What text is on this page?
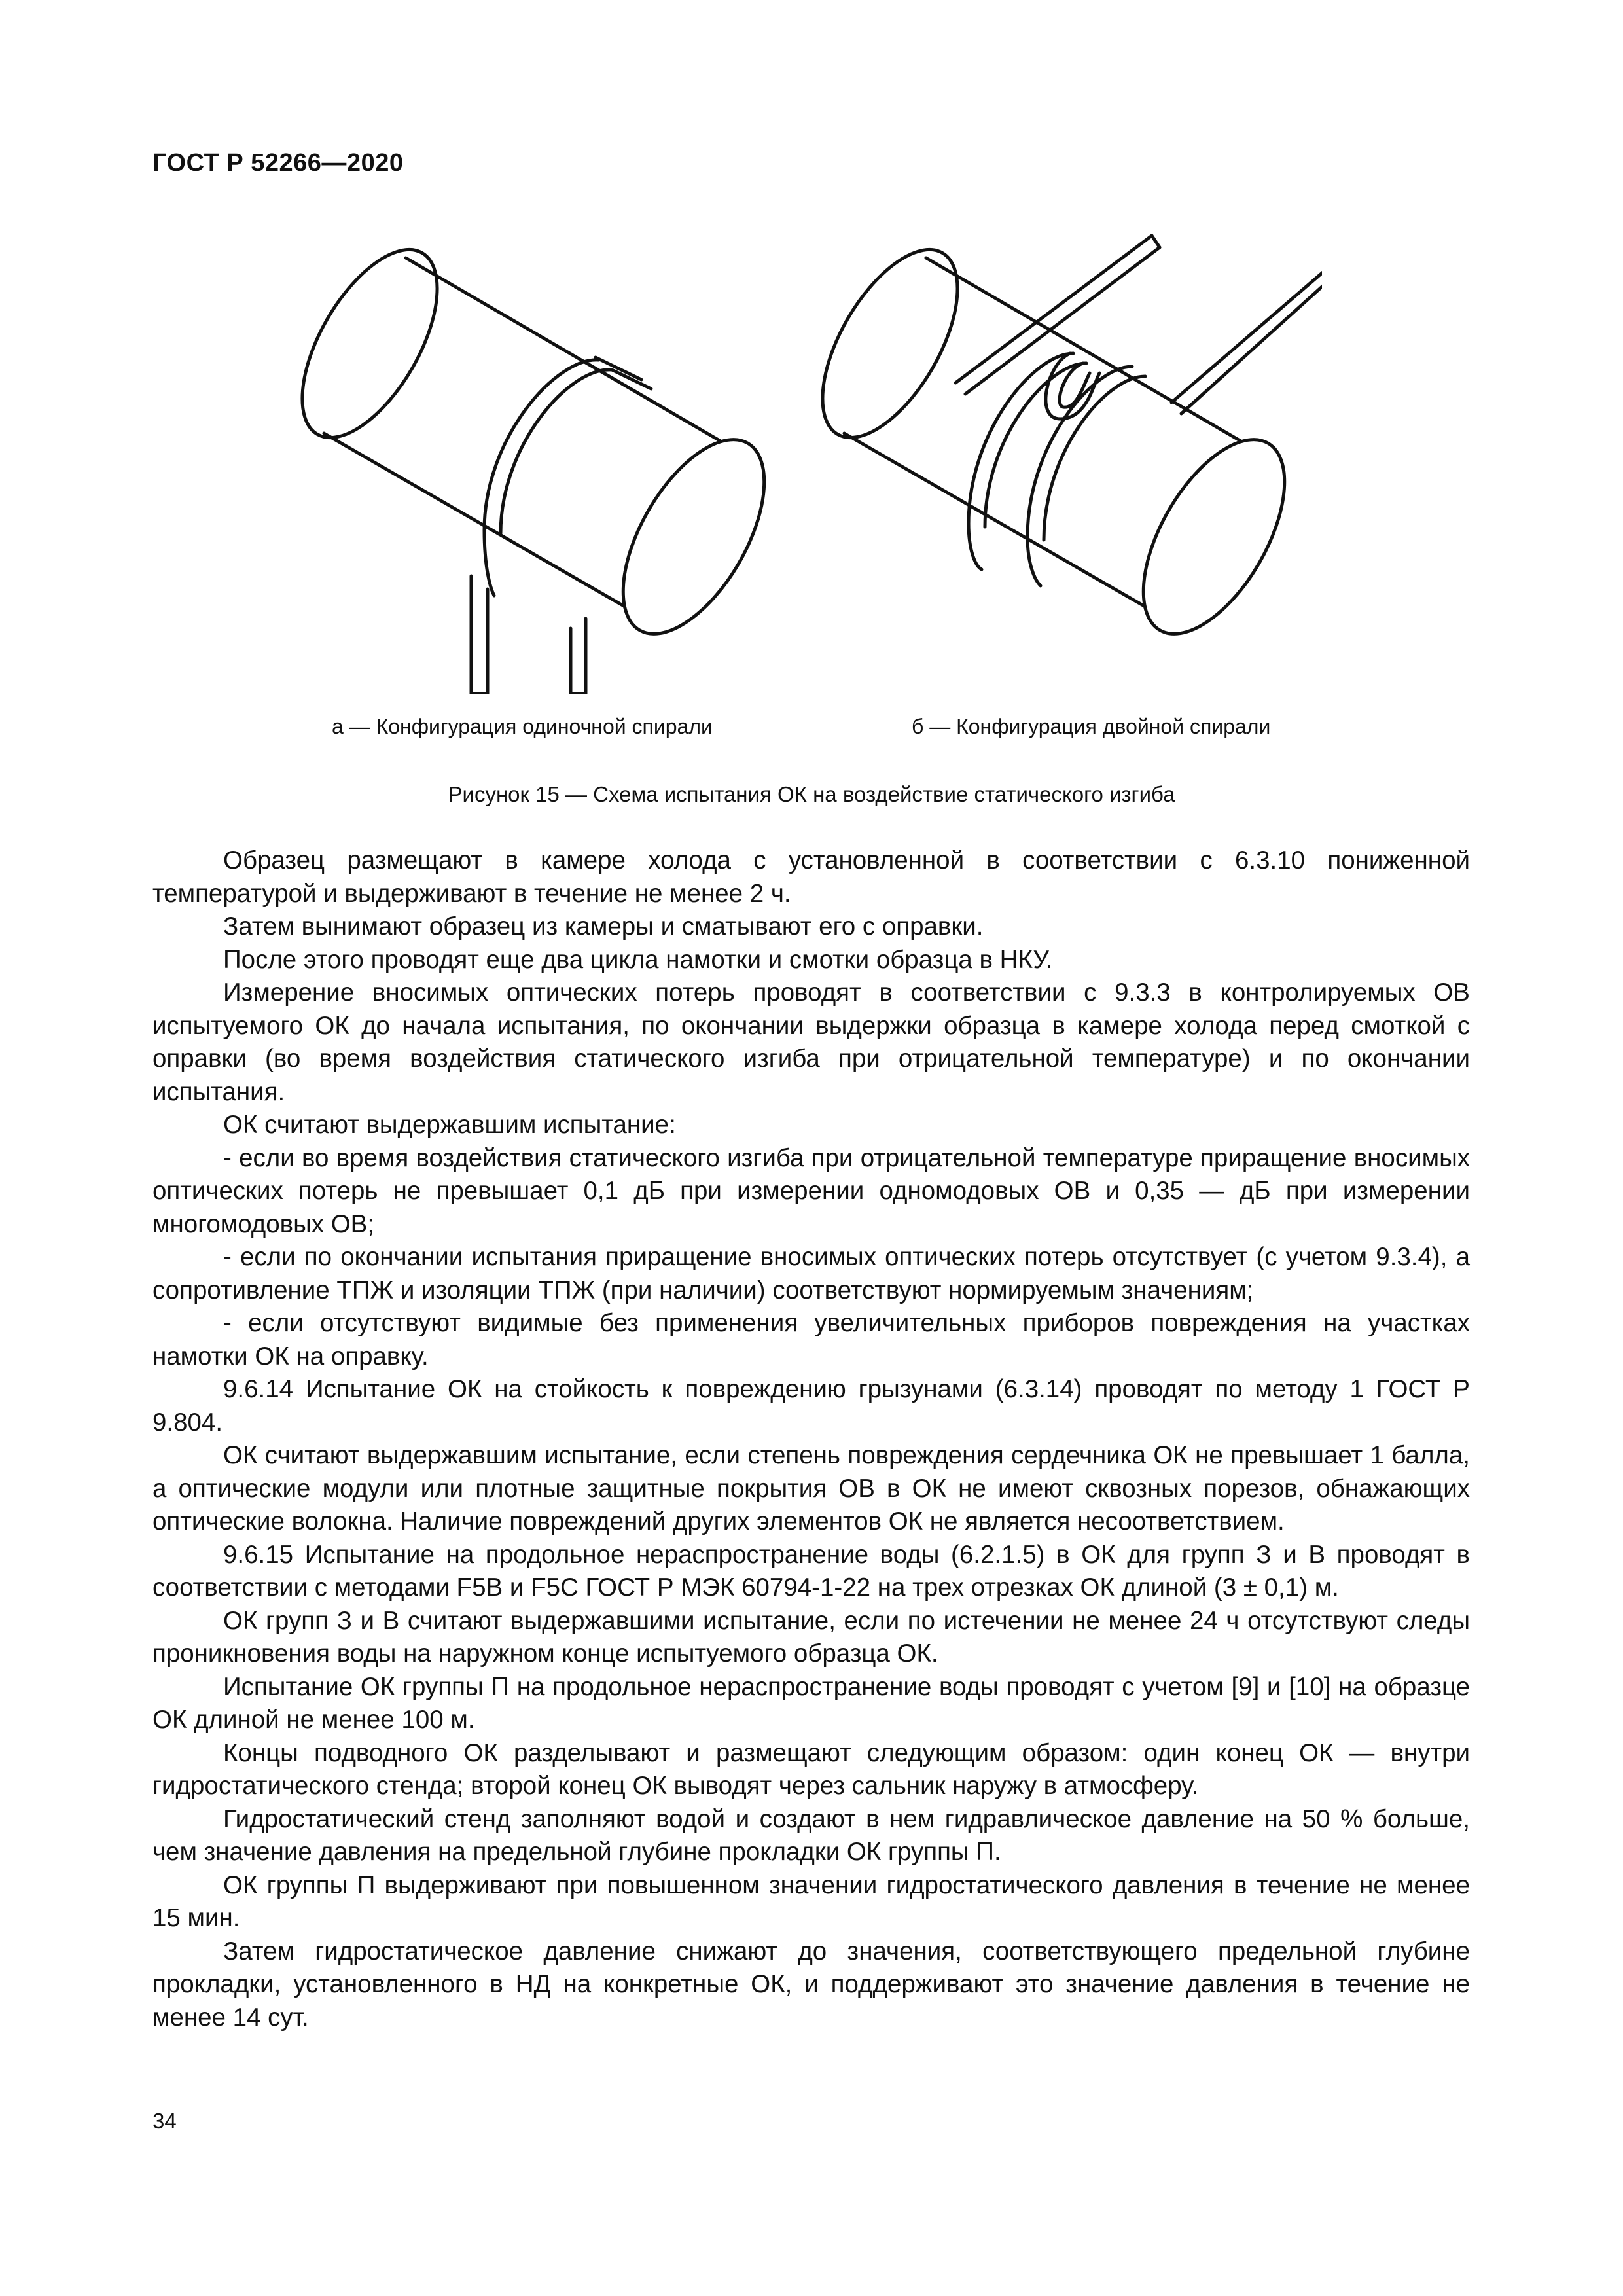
ГОСТ Р 52266—2020
а — Конфигурация одиночной спирали	б — Конфигурация двойной спирали
Рисунок 15 — Схема испытания ОК на воздействие статического изгиба

Образец размещают в камере холода с установленной в соответствии с 6.3.10 пониженной температурой и выдерживают в течение не менее 2 ч.

Затем вынимают образец из камеры и сматывают его с оправки.

После этого проводят еще два цикла намотки и смотки образца в НКУ.

Измерение вносимых оптических потерь проводят в соответствии с 9.3.3 в контролируемых ОВ испытуемого ОК до начала испытания, по окончании выдержки образца в камере холода перед смоткой с оправки (во время воздействия статического изгиба при отрицательной температуре) и по окончании испытания.

ОК считают выдержавшим испытание:

- если во время воздействия статического изгиба при отрицательной температуре приращение вносимых оптических потерь не превышает 0,1 дБ при измерении одномодовых ОВ и 0,35 — дБ при измерении многомодовых ОВ;

- если по окончании испытания приращение вносимых оптических потерь отсутствует (с учетом 9.3.4), а сопротивление ТПЖ и изоляции ТПЖ (при наличии) соответствуют нормируемым значениям;

- если отсутствуют видимые без применения увеличительных приборов повреждения на участках намотки ОК на оправку.

9.6.14 Испытание ОК на стойкость к повреждению грызунами (6.3.14) проводят по методу 1 ГОСТ Р 9.804.

ОК считают выдержавшим испытание, если степень повреждения сердечника ОК не превышает 1 балла, а оптические модули или плотные защитные покрытия ОВ в ОК не имеют сквозных порезов, обнажающих оптические волокна. Наличие повреждений других элементов ОК не является несоответствием.

9.6.15 Испытание на продольное нераспространение воды (6.2.1.5) в ОК для групп З и В проводят в соответствии с методами F5B и F5C ГОСТ Р МЭК 60794-1-22 на трех отрезках ОК длиной (3 ± 0,1) м.

ОК групп З и В считают выдержавшими испытание, если по истечении не менее 24 ч отсутствуют следы проникновения воды на наружном конце испытуемого образца ОК.

Испытание ОК группы П на продольное нераспространение воды проводят с учетом [9] и [10] на образце ОК длиной не менее 100 м.

Концы подводного ОК разделывают и размещают следующим образом: один конец ОК — внутри гидростатического стенда; второй конец ОК выводят через сальник наружу в атмосферу.

Гидростатический стенд заполняют водой и создают в нем гидравлическое давление на 50 % больше, чем значение давления на предельной глубине прокладки ОК группы П.

ОК группы П выдерживают при повышенном значении гидростатического давления в течение не менее 15 мин.

Затем гидростатическое давление снижают до значения, соответствующего предельной глубине прокладки, установленного в НД на конкретные ОК, и поддерживают это значение давления в течение не менее 14 сут.

34
